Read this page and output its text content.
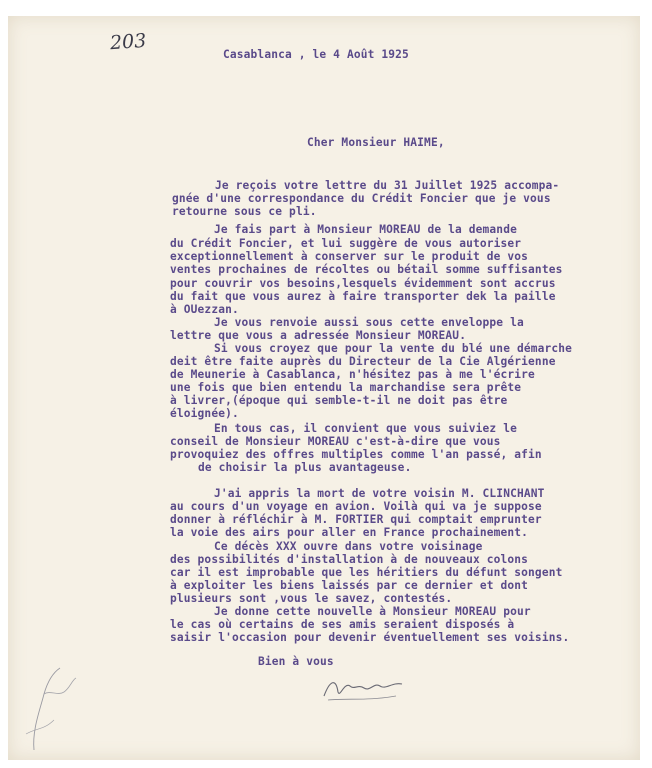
203
Casablanca , le 4 Août 1925
Cher Monsieur HAIME,
Je reçois votre lettre du 31 Juillet 1925 accompa-
gnée d'une correspondance du Crédit Foncier que je vous
retourne sous ce pli.
Je fais part à Monsieur MOREAU de la demande
du Crédit Foncier, et lui suggère de vous autoriser
exceptionnellement à conserver sur le produit de vos
ventes prochaines de récoltes ou bétail somme suffisantes
pour couvrir vos besoins,lesquels évidemment sont accrus
du fait que vous aurez à faire transporter dek la paille
à OUezzan.
Je vous renvoie aussi sous cette enveloppe la
lettre que vous a adressée Monsieur MOREAU.
Si vous croyez que pour la vente du blé une démarche
deit être faite auprès du Directeur de la Cie Algérienne
de Meunerie à Casablanca, n'hésitez pas à me l'écrire
une fois que bien entendu la marchandise sera prête
à livrer,(époque qui semble-t-il ne doit pas être
éloignée).
En tous cas, il convient que vous suiviez le
conseil de Monsieur MOREAU c'est-à-dire que vous
provoquiez des offres multiples comme l'an passé, afin
de choisir la plus avantageuse.
J'ai appris la mort de votre voisin M. CLINCHANT
au cours d'un voyage en avion. Voilà qui va je suppose
donner à réfléchir à M. FORTIER qui comptait emprunter
la voie des airs pour aller en France prochainement.
Ce décès XXX ouvre dans votre voisinage
des possibilités d'installation à de nouveaux colons
car il est improbable que les héritiers du défunt songent
à exploiter les biens laissés par ce dernier et dont
plusieurs sont ,vous le savez, contestés.
Je donne cette nouvelle à Monsieur MOREAU pour
le cas où certains de ses amis seraient disposés à
saisir l'occasion pour devenir éventuellement ses voisins.
Bien à vous
